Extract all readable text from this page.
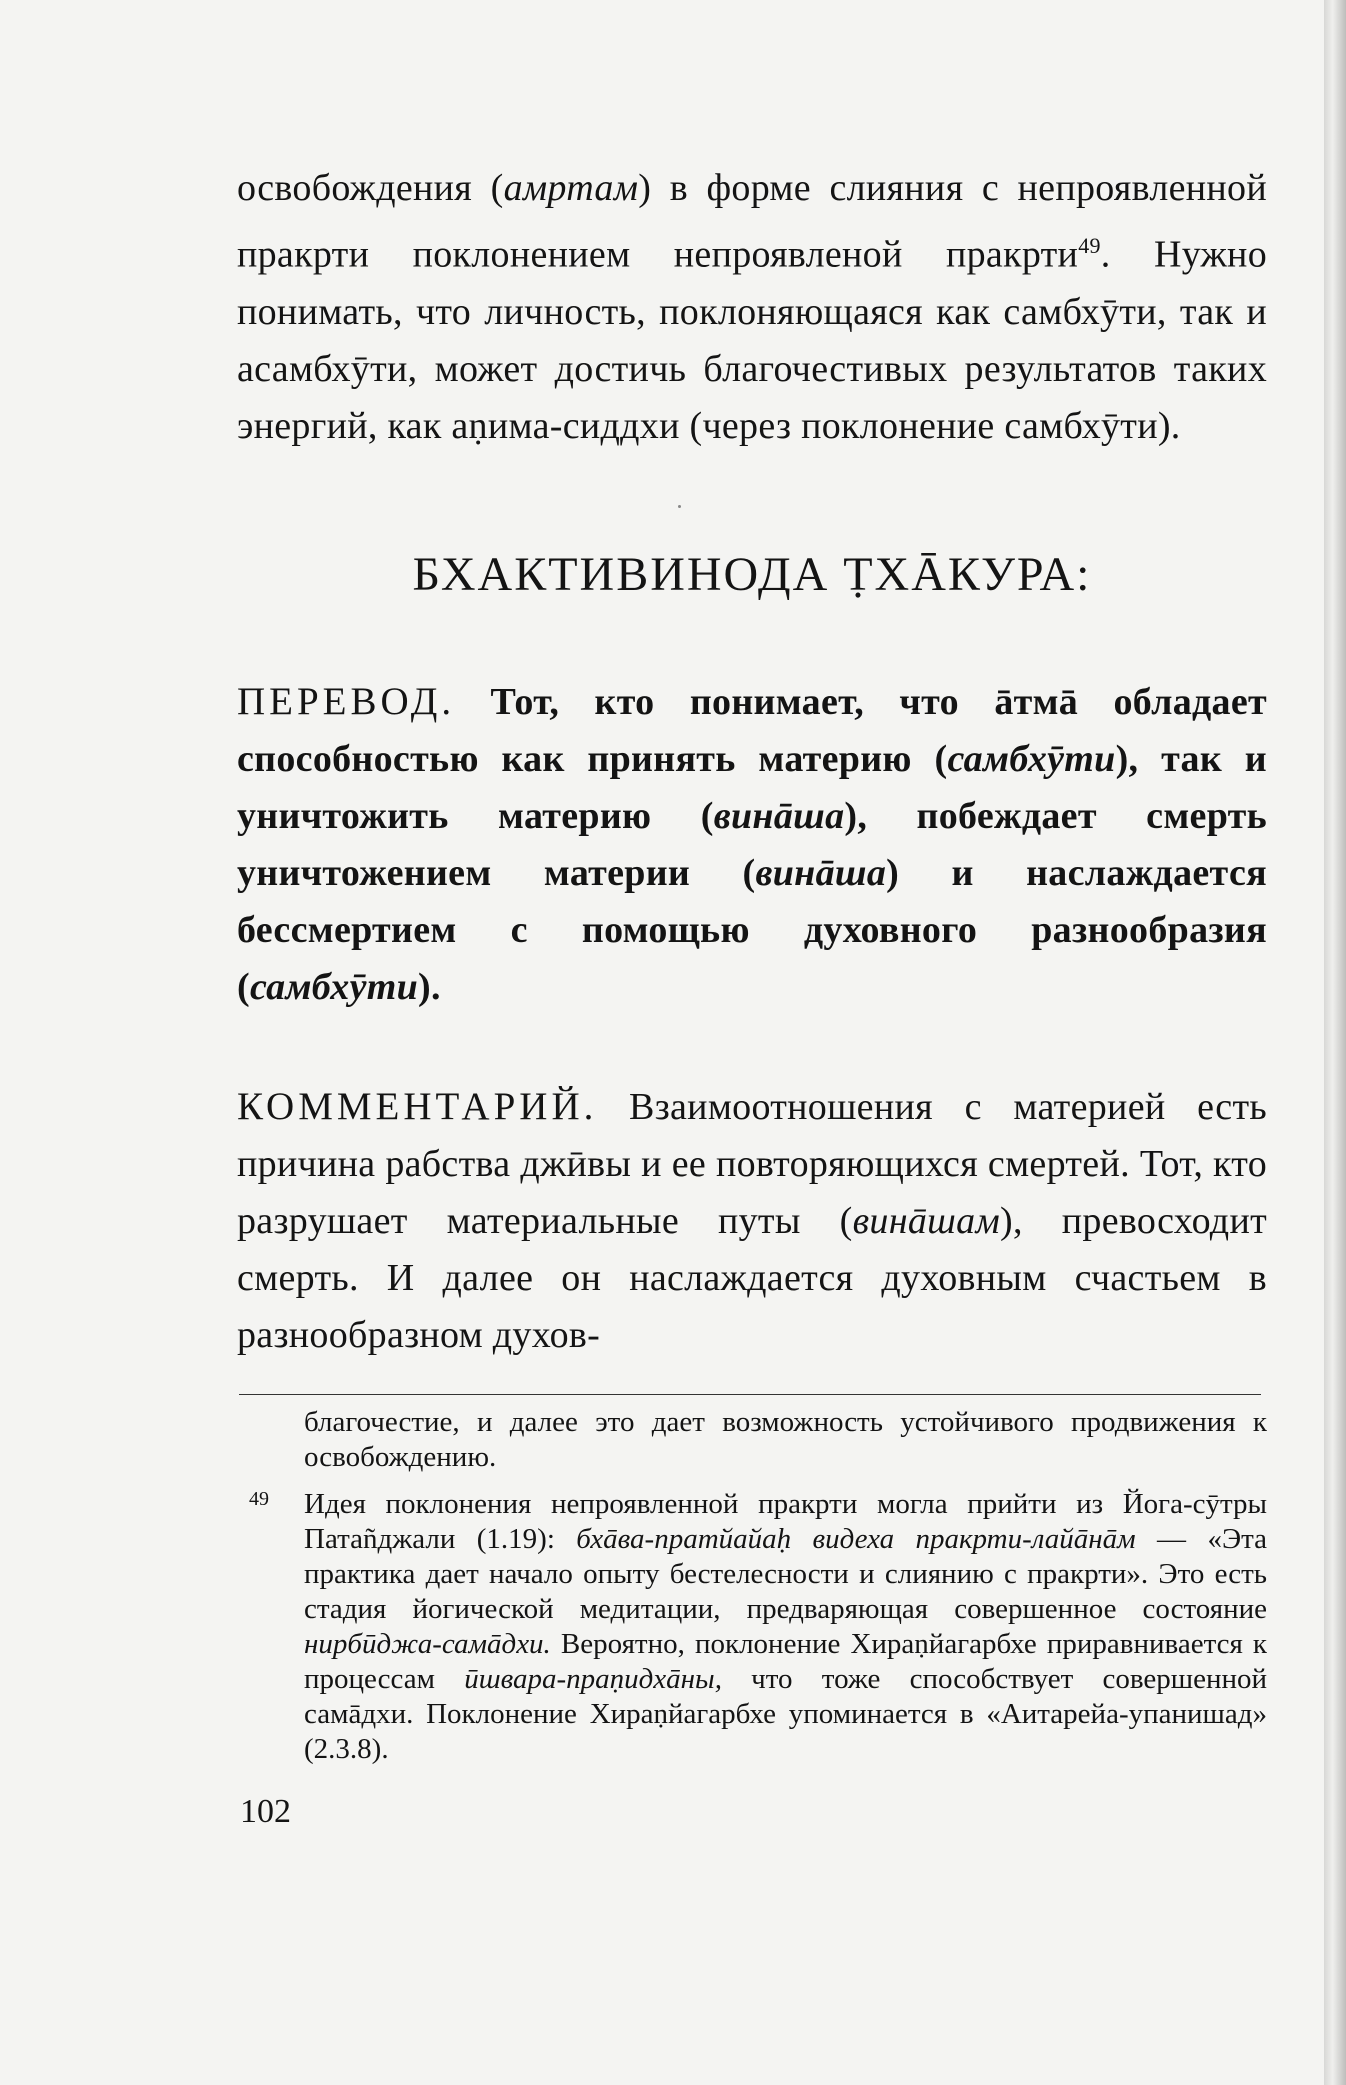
освобождения (амртам) в форме слияния с непроявленной пракрти поклонением непроявленой пракрти$^{49}$. Нужно понимать, что личность, поклоняющаяся как самбхӯти, так и асамбхӯти, может достичь благочестивых результатов таких энергий, как аṇима-сиддхи (через поклонение самбхӯти).

БХАКТИВИНОДА ṬХĀКУРА:

ПЕРЕВОД. Тот, кто понимает, что āтмā обладает способностью как принять материю (самбхӯти), так и уничтожить материю (винāша), побеждает смерть уничтожением материи (винāша) и наслаждается бессмертием с помощью духовного разнообразия (самбхӯти).

КОММЕНТАРИЙ. Взаимоотношения с материей есть причина рабства джӣвы и ее повторяющихся смертей. Тот, кто разрушает материальные путы (винāшам), превосходит смерть. И далее он наслаждается духовным счастьем в разнообразном духов-

благочестие, и далее это дает возможность устойчивого продвижения к освобождению.

49 Идея поклонения непроявленной пракрти могла прийти из Йога-сӯтры Патаñджали (1.19): бхāва-пратйайаḥ видеха пракрти-лайāнāм — «Эта практика дает начало опыту бестелесности и слиянию с пракрти». Это есть стадия йогической медитации, предваряющая совершенное состояние нирбӣджа-самāдхи. Вероятно, поклонение Хираṇйагарбхе приравнивается к процессам ӣшвара-праṇидхāны, что тоже способствует совершенной самāдхи. Поклонение Хираṇйагарбхе упоминается в «Аитарейа-упанишад» (2.3.8).

102
